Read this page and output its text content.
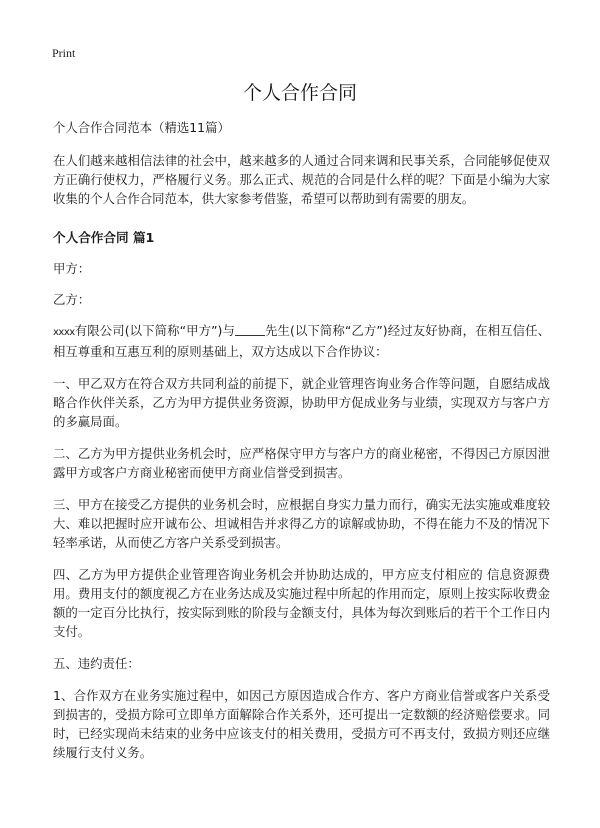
Print
个人合作合同

个人合作合同范本（精选11篇）

在人们越来越相信法律的社会中，越来越多的人通过合同来调和民事关系，合同能够促使双方正确行使权力，严格履行义务。那么正式、规范的合同是什么样的呢？下面是小编为大家收集的个人合作合同范本，供大家参考借鉴，希望可以帮助到有需要的朋友。

个人合作合同 篇1

甲方：

乙方：

xxxx有限公司(以下简称“甲方”)与 先生(以下简称“乙方”)经过友好协商，在相互信任、相互尊重和互惠互利的原则基础上，双方达成以下合作协议：

一、甲乙双方在符合双方共同利益的前提下，就企业管理咨询业务合作等问题，自愿结成战略合作伙伴关系，乙方为甲方提供业务资源，协助甲方促成业务与业绩，实现双方与客户方的多赢局面。

二、乙方为甲方提供业务机会时，应严格保守甲方与客户方的商业秘密，不得因己方原因泄露甲方或客户方商业秘密而使甲方商业信誉受到损害。

三、甲方在接受乙方提供的业务机会时，应根据自身实力量力而行，确实无法实施或难度较大、难以把握时应开诚布公、坦诚相告并求得乙方的谅解或协助，不得在能力不及的情况下轻率承诺，从而使乙方客户关系受到损害。

四、乙方为甲方提供企业管理咨询业务机会并协助达成的，甲方应支付相应的 信息资源费用。费用支付的额度视乙方在业务达成及实施过程中所起的作用而定，原则上按实际收费金额的一定百分比执行，按实际到账的阶段与金额支付，具体为每次到账后的若干个工作日内支付。

五、违约责任：

1、合作双方在业务实施过程中，如因己方原因造成合作方、客户方商业信誉或客户关系受到损害的，受损方除可立即单方面解除合作关系外，还可提出一定数额的经济赔偿要求。同时，已经实现尚未结束的业务中应该支付的相关费用，受损方可不再支付，致损方则还应继续履行支付义务。
